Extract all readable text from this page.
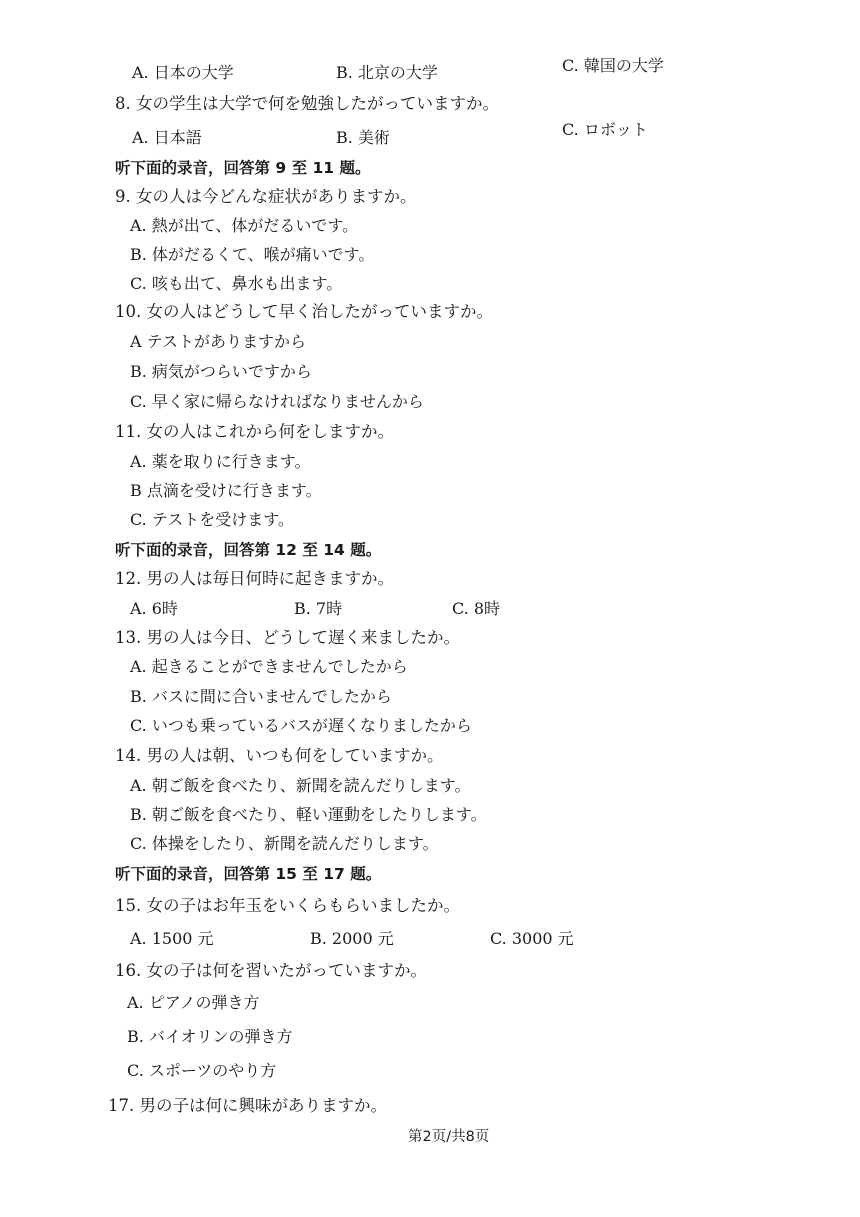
A. 日本の大学	B. 北京の大学	C. 韓国の大学
8. 女の学生は大学で何を勉強したがっていますか。
A. 日本語	B. 美術	C. ロボット
听下面的录音，回答第 9 至 11 题。
9. 女の人は今どんな症状がありますか。
A. 熱が出て、体がだるいです。
B. 体がだるくて、喉が痛いです。
C. 咳も出て、鼻水も出ます。
10. 女の人はどうして早く治したがっていますか。
A テストがありますから
B. 病気がつらいですから
C. 早く家に帰らなければなりませんから
11. 女の人はこれから何をしますか。
A. 薬を取りに行きます。
B 点滴を受けに行きます。
C. テストを受けます。
听下面的录音，回答第 12 至 14 题。
12. 男の人は毎日何時に起きますか。
A. 6時	B. 7時	C. 8時
13. 男の人は今日、どうして遅く来ましたか。
A. 起きることができませんでしたから
B. バスに間に合いませんでしたから
C. いつも乗っているバスが遅くなりましたから
14. 男の人は朝、いつも何をしていますか。
A. 朝ご飯を食べたり、新聞を読んだりします。
B. 朝ご飯を食べたり、軽い運動をしたりします。
C. 体操をしたり、新聞を読んだりします。
听下面的录音，回答第 15 至 17 题。
15. 女の子はお年玉をいくらもらいましたか。
A. 1500 元	B. 2000 元	C. 3000 元
16. 女の子は何を習いたがっていますか。
A. ピアノの弾き方
B. バイオリンの弾き方
C. スポーツのやり方
17. 男の子は何に興味がありますか。
第2页/共8页
